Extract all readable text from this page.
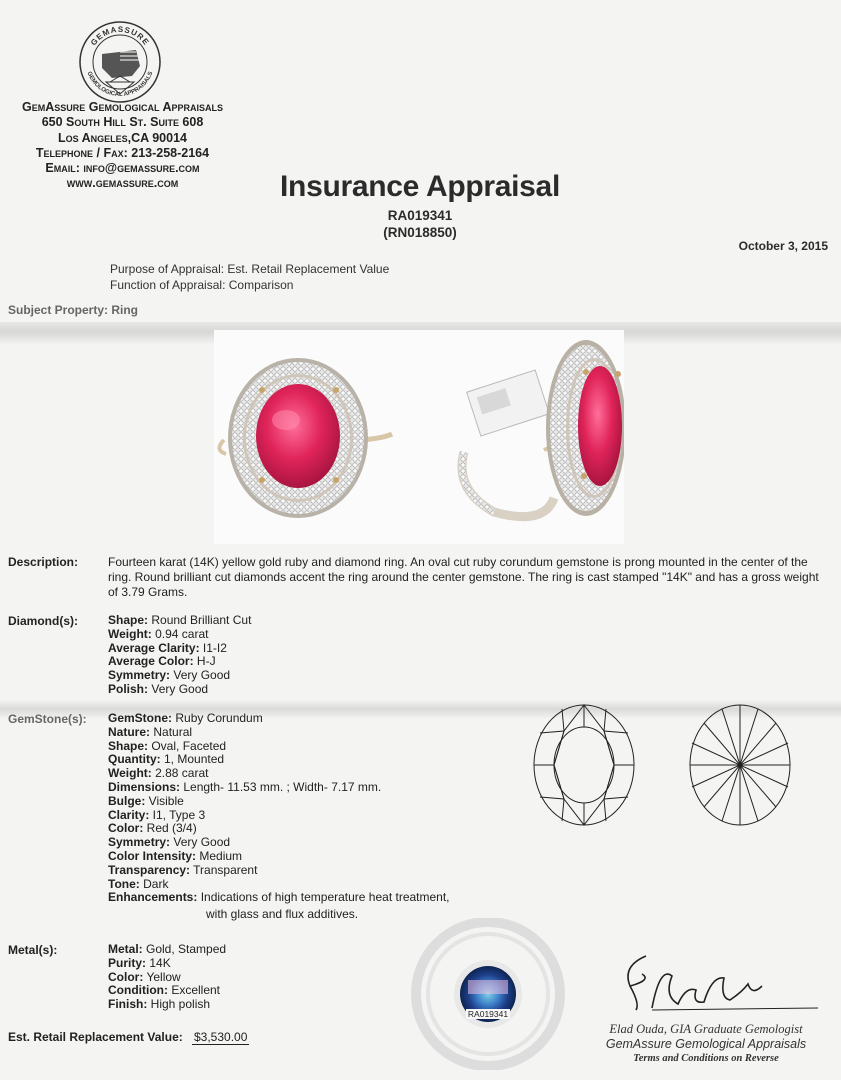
GEMASSURE
GEMOLOGICAL APPRAISALS
GemAssure Gemological Appraisals
650 South Hill St. Suite 608
Los Angeles,CA 90014
Telephone / Fax: 213-258-2164
Email: info@gemassure.com
www.gemassure.com	Insurance Appraisal
RA019341
(RN018850)
October 3, 2015
Purpose of Appraisal: Est. Retail Replacement Value
Function of Appraisal: Comparison
Subject Property: Ring
Description: Fourteen karat (14K) yellow gold ruby and diamond ring. An oval cut ruby corundum gemstone is prong mounted in the center of the ring. Round brilliant cut diamonds accent the ring around the center gemstone. The ring is cast stamped "14K" and has a gross weight of 3.79 Grams.
Diamond(s):	Shape: Round Brilliant Cut
Weight: 0.94 carat
Average Clarity: I1-I2
Average Color: H-J
Symmetry: Very Good
Polish: Very Good
GemStone(s): GemStone: Ruby Corundum
Nature: Natural
Shape: Oval, Faceted
Quantity: 1, Mounted
Weight: 2.88 carat
Dimensions: Length- 11.53 mm. ; Width- 7.17 mm.
Bulge: Visible
Clarity: I1, Type 3
Color: Red (3/4)
Symmetry: Very Good
Color Intensity: Medium
Transparency: Transparent
Tone: Dark
Enhancements: Indications of high temperature heat treatment,
with glass and flux additives.
Metal(s):	Metal: Gold, Stamped
Purity: 14K
Color: Yellow
Condition: Excellent
Finish: High polish
RA019341
Elad Ouda, GIA Graduate Gemologist
GemAssure Gemological Appraisals
Terms and Conditions on Reverse
Est. Retail Replacement Value: $3,530.00
